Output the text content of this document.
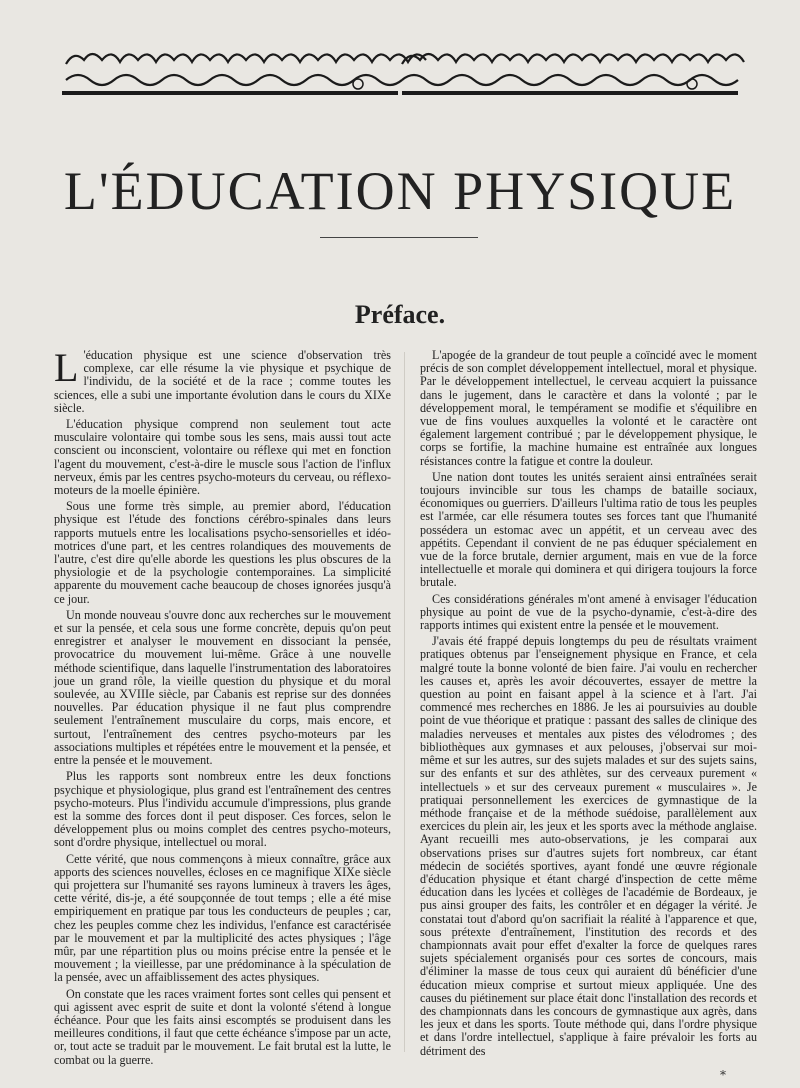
L'ÉDUCATION PHYSIQUE
Préface.

L 'éducation physique est une science d'observation très complexe, car elle résume la vie physique et psychique de l'individu, de la société et de la race ; comme toutes les sciences, elle a subi une importante évolution dans le cours du XIXe siècle.

L'éducation physique comprend non seulement tout acte musculaire volontaire qui tombe sous les sens, mais aussi tout acte conscient ou inconscient, volontaire ou réflexe qui met en fonction l'agent du mouvement, c'est-à-dire le muscle sous l'action de l'influx nerveux, émis par les centres psycho-moteurs du cerveau, ou réflexo-moteurs de la moelle épinière.

Sous une forme très simple, au premier abord, l'éducation physique est l'étude des fonctions cérébro-spinales dans leurs rapports mutuels entre les localisations psycho-sensorielles et idéo-motrices d'une part, et les centres rolandiques des mouvements de l'autre, c'est dire qu'elle aborde les questions les plus obscures de la physiologie et de la psychologie contemporaines. La simplicité apparente du mouvement cache beaucoup de choses ignorées jusqu'à ce jour.

Un monde nouveau s'ouvre donc aux recherches sur le mouvement et sur la pensée, et cela sous une forme concrète, depuis qu'on peut enregistrer et analyser le mouvement en dissociant la pensée, provocatrice du mouvement lui-même. Grâce à une nouvelle méthode scientifique, dans laquelle l'instrumentation des laboratoires joue un grand rôle, la vieille question du physique et du moral soulevée, au XVIIIe siècle, par Cabanis est reprise sur des données nouvelles. Par éducation physique il ne faut plus comprendre seulement l'entraînement musculaire du corps, mais encore, et surtout, l'entraînement des centres psycho-moteurs par les associations multiples et répétées entre le mouvement et la pensée, et entre la pensée et le mouvement.

Plus les rapports sont nombreux entre les deux fonctions psychique et physiologique, plus grand est l'entraînement des centres psycho-moteurs. Plus l'individu accumule d'impressions, plus grande est la somme des forces dont il peut disposer. Ces forces, selon le développement plus ou moins complet des centres psycho-moteurs, sont d'ordre physique, intellectuel ou moral.

Cette vérité, que nous commençons à mieux connaître, grâce aux apports des sciences nouvelles, écloses en ce magnifique XIXe siècle qui projettera sur l'humanité ses rayons lumineux à travers les âges, cette vérité, dis-je, a été soupçonnée de tout temps ; elle a été mise empiriquement en pratique par tous les conducteurs de peuples ; car, chez les peuples comme chez les individus, l'enfance est caractérisée par le mouvement et par la multiplicité des actes physiques ; l'âge mûr, par une répartition plus ou moins précise entre la pensée et le mouvement ; la vieillesse, par une prédominance à la spéculation de la pensée, avec un affaiblissement des actes physiques.

On constate que les races vraiment fortes sont celles qui pensent et qui agissent avec esprit de suite et dont la volonté s'étend à longue échéance. Pour que les faits ainsi escomptés se produisent dans les meilleures conditions, il faut que cette échéance s'impose par un acte, or, tout acte se traduit par le mouvement. Le fait brutal est la lutte, le combat ou la guerre.

L'apogée de la grandeur de tout peuple a coïncidé avec le moment précis de son complet développement intellectuel, moral et physique. Par le développement intellectuel, le cerveau acquiert la puissance dans le jugement, dans le caractère et dans la volonté ; par le développement moral, le tempérament se modifie et s'équilibre en vue de fins voulues auxquelles la volonté et le caractère ont également largement contribué ; par le développement physique, le corps se fortifie, la machine humaine est entraînée aux longues résistances contre la fatigue et contre la douleur.

Une nation dont toutes les unités seraient ainsi entraînées serait toujours invincible sur tous les champs de bataille sociaux, économiques ou guerriers. D'ailleurs l'ultima ratio de tous les peuples est l'armée, car elle résumera toutes ses forces tant que l'humanité possédera un estomac avec un appétit, et un cerveau avec des appétits. Cependant il convient de ne pas éduquer spécialement en vue de la force brutale, dernier argument, mais en vue de la force intellectuelle et morale qui dominera et qui dirigera toujours la force brutale.

Ces considérations générales m'ont amené à envisager l'éducation physique au point de vue de la psycho-dynamie, c'est-à-dire des rapports intimes qui existent entre la pensée et le mouvement.

J'avais été frappé depuis longtemps du peu de résultats vraiment pratiques obtenus par l'enseignement physique en France, et cela malgré toute la bonne volonté de bien faire. J'ai voulu en rechercher les causes et, après les avoir découvertes, essayer de mettre la question au point en faisant appel à la science et à l'art. J'ai commencé mes recherches en 1886. Je les ai poursuivies au double point de vue théorique et pratique : passant des salles de clinique des maladies nerveuses et mentales aux pistes des vélodromes ; des bibliothèques aux gymnases et aux pelouses, j'observai sur moi-même et sur les autres, sur des sujets malades et sur des sujets sains, sur des enfants et sur des athlètes, sur des cerveaux purement « intellectuels » et sur des cerveaux purement « musculaires ». Je pratiquai personnellement les exercices de gymnastique de la méthode française et de la méthode suédoise, parallèlement aux exercices du plein air, les jeux et les sports avec la méthode anglaise. Ayant recueilli mes auto-observations, je les comparai aux observations prises sur d'autres sujets fort nombreux, car étant médecin de sociétés sportives, ayant fondé une œuvre régionale d'éducation physique et étant chargé d'inspection de cette même éducation dans les lycées et collèges de l'académie de Bordeaux, je pus ainsi grouper des faits, les contrôler et en dégager la vérité. Je constatai tout d'abord qu'on sacrifiait la réalité à l'apparence et que, sous prétexte d'entraînement, l'institution des records et des championnats avait pour effet d'exalter la force de quelques rares sujets spécialement organisés pour ces sortes de concours, mais d'éliminer la masse de tous ceux qui auraient dû bénéficier d'une éducation mieux comprise et surtout mieux appliquée. Une des causes du piétinement sur place était donc l'installation des records et des championnats dans les concours de gymnastique aux agrès, dans les jeux et dans les sports. Toute méthode qui, dans l'ordre physique et dans l'ordre intellectuel, s'applique à faire prévaloir les forts au détriment des

*
